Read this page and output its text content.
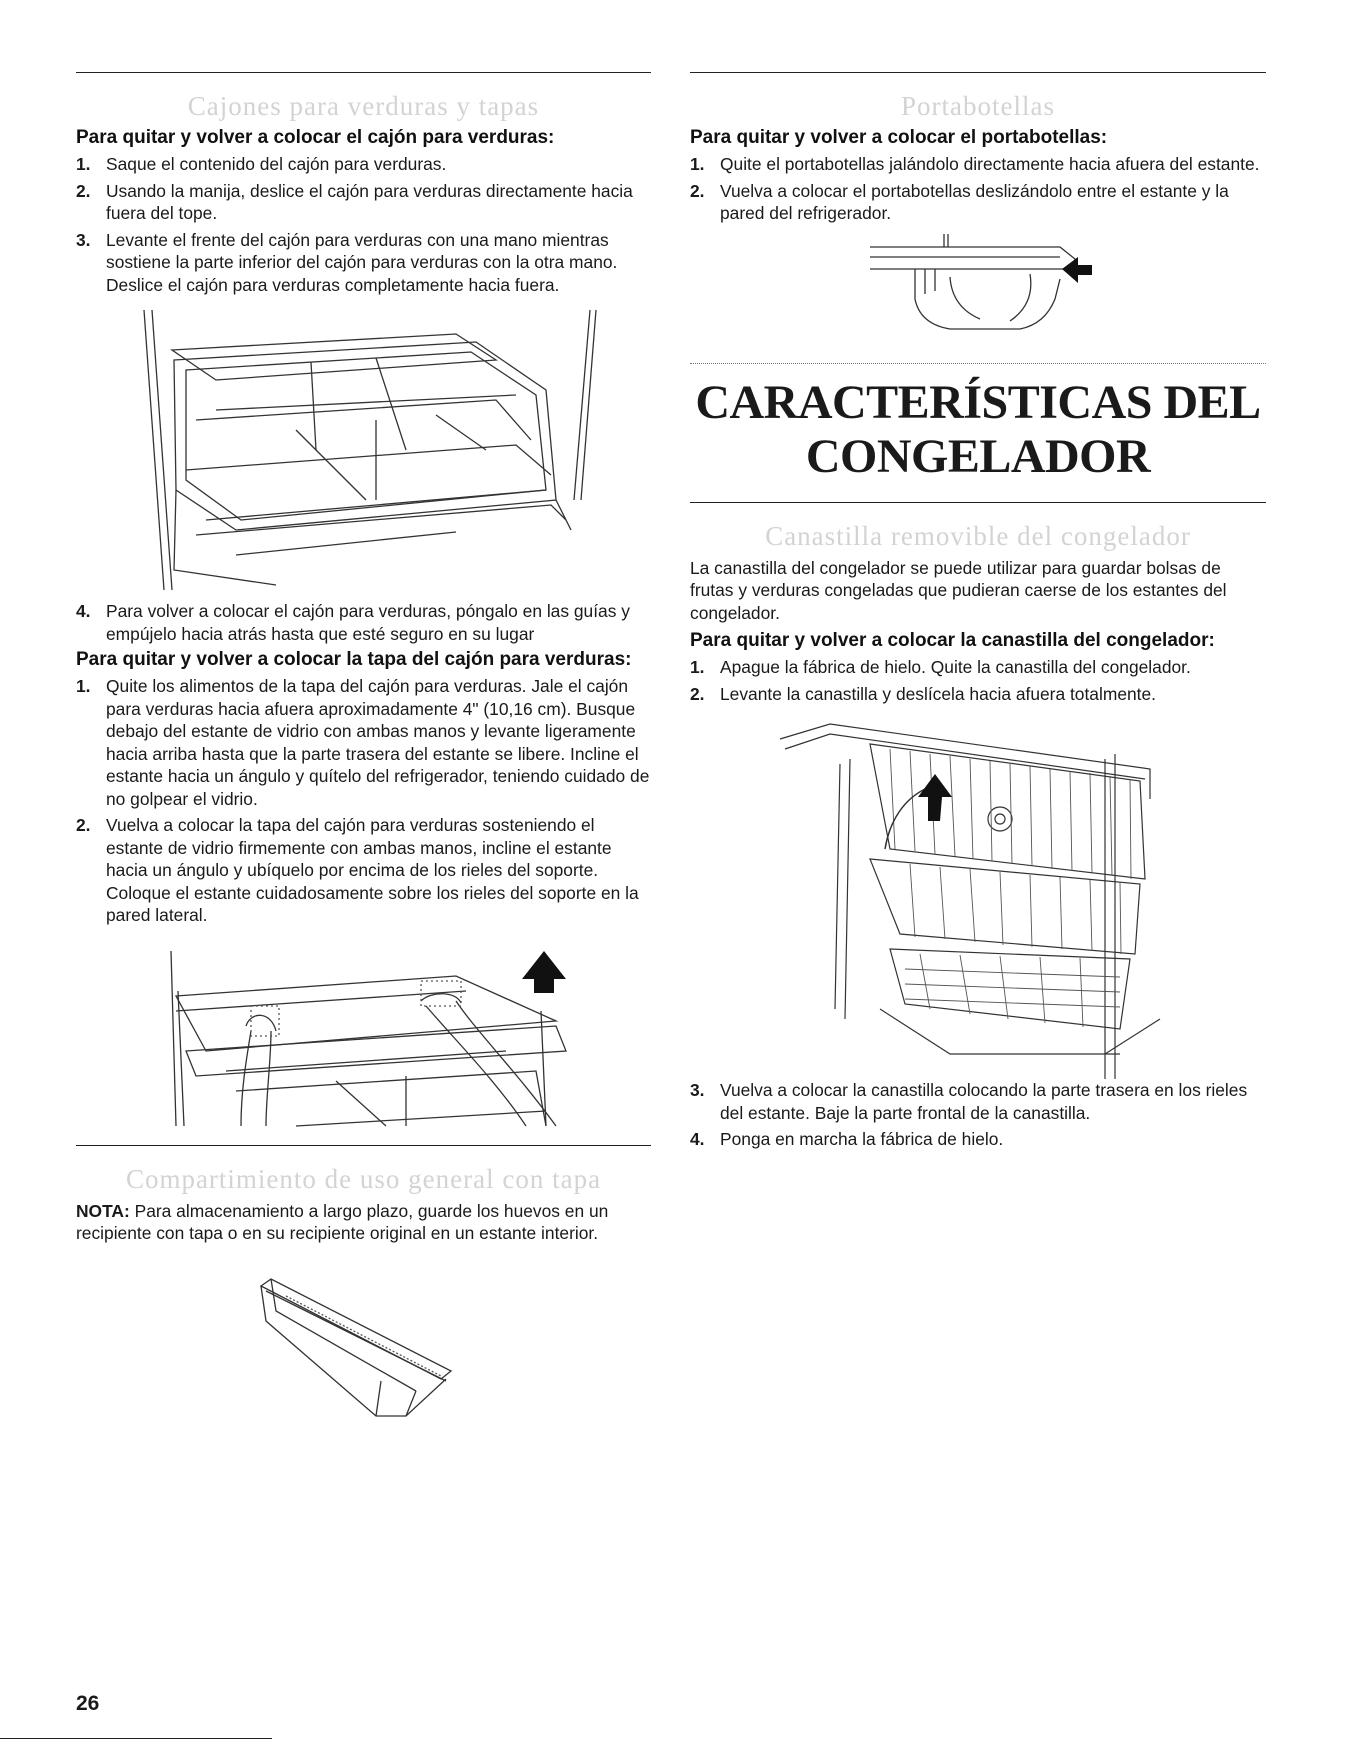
Cajones para verduras y tapas
Para quitar y volver a colocar el cajón para verduras:
1. Saque el contenido del cajón para verduras.
2. Usando la manija, deslice el cajón para verduras directamente hacia fuera del tope.
3. Levante el frente del cajón para verduras con una mano mientras sostiene la parte inferior del cajón para verduras con la otra mano. Deslice el cajón para verduras completamente hacia fuera.
4. Para volver a colocar el cajón para verduras, póngalo en las guías y empújelo hacia atrás hasta que esté seguro en su lugar
Para quitar y volver a colocar la tapa del cajón para verduras:
1. Quite los alimentos de la tapa del cajón para verduras. Jale el cajón para verduras hacia afuera aproximadamente 4" (10,16 cm). Busque debajo del estante de vidrio con ambas manos y levante ligeramente hacia arriba hasta que la parte trasera del estante se libere. Incline el estante hacia un ángulo y quítelo del refrigerador, teniendo cuidado de no golpear el vidrio.
2. Vuelva a colocar la tapa del cajón para verduras sosteniendo el estante de vidrio firmemente con ambas manos, incline el estante hacia un ángulo y ubíquelo por encima de los rieles del soporte. Coloque el estante cuidadosamente sobre los rieles del soporte en la pared lateral.
Compartimiento de uso general con tapa

NOTA: Para almacenamiento a largo plazo, guarde los huevos en un recipiente con tapa o en su recipiente original en un estante interior.

Portabotellas
Para quitar y volver a colocar el portabotellas:
1. Quite el portabotellas jalándolo directamente hacia afuera del estante.
2. Vuelva a colocar el portabotellas deslizándolo entre el estante y la pared del refrigerador.
CARACTERÍSTICAS DEL
CONGELADOR
Canastilla removible del congelador

La canastilla del congelador se puede utilizar para guardar bolsas de frutas y verduras congeladas que pudieran caerse de los estantes del congelador.

Para quitar y volver a colocar la canastilla del congelador:
1. Apague la fábrica de hielo. Quite la canastilla del congelador.
2. Levante la canastilla y deslícela hacia afuera totalmente.
3. Vuelva a colocar la canastilla colocando la parte trasera en los rieles del estante. Baje la parte frontal de la canastilla.
4. Ponga en marcha la fábrica de hielo.
26
